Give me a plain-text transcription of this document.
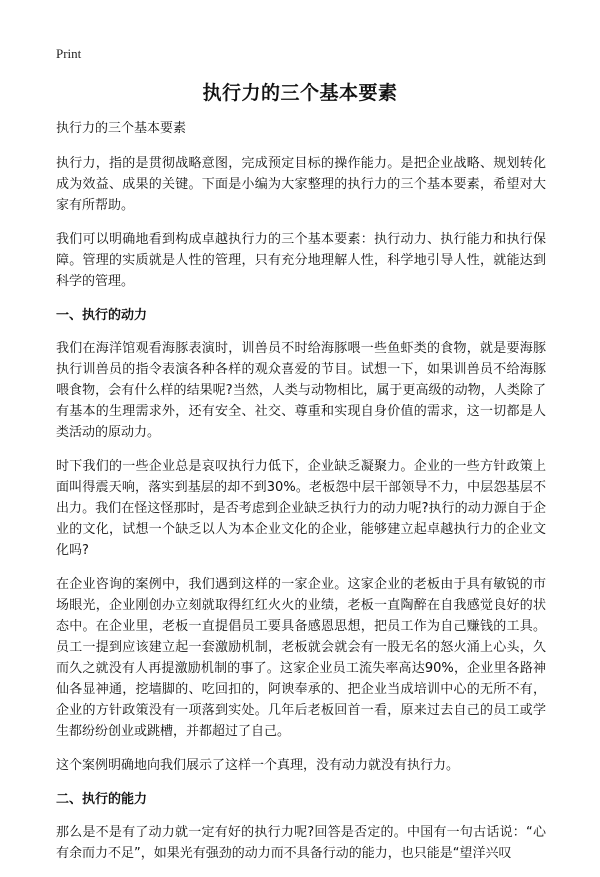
Print
执行力的三个基本要素
执行力的三个基本要素

执行力，指的是贯彻战略意图，完成预定目标的操作能力。是把企业战略、规划转化成为效益、成果的关键。下面是小编为大家整理的执行力的三个基本要素，希望对大家有所帮助。

我们可以明确地看到构成卓越执行力的三个基本要素：执行动力、执行能力和执行保障。管理的实质就是人性的管理，只有充分地理解人性，科学地引导人性，就能达到科学的管理。

一、执行的动力

我们在海洋馆观看海豚表演时，训兽员不时给海豚喂一些鱼虾类的食物，就是要海豚执行训兽员的指令表演各种各样的观众喜爱的节目。试想一下，如果训兽员不给海豚喂食物，会有什么样的结果呢?当然，人类与动物相比，属于更高级的动物，人类除了有基本的生理需求外，还有安全、社交、尊重和实现自身价值的需求，这一切都是人类活动的原动力。

时下我们的一些企业总是哀叹执行力低下，企业缺乏凝聚力。企业的一些方针政策上面叫得震天响，落实到基层的却不到30%。老板怨中层干部领导不力，中层怨基层不出力。我们在怪这怪那时，是否考虑到企业缺乏执行力的动力呢?执行的动力源自于企业的文化，试想一个缺乏以人为本企业文化的企业，能够建立起卓越执行力的企业文化吗?

在企业咨询的案例中，我们遇到这样的一家企业。这家企业的老板由于具有敏锐的市场眼光，企业刚创办立刻就取得红红火火的业绩，老板一直陶醉在自我感觉良好的状态中。在企业里，老板一直提倡员工要具备感恩思想，把员工作为自己赚钱的工具。员工一提到应该建立起一套激励机制，老板就会就会有一股无名的怒火涌上心头，久而久之就没有人再提激励机制的事了。这家企业员工流失率高达90%，企业里各路神仙各显神通，挖墙脚的、吃回扣的，阿谀奉承的、把企业当成培训中心的无所不有，企业的方针政策没有一项落到实处。几年后老板回首一看，原来过去自己的员工或学生都纷纷创业或跳槽，并都超过了自己。

这个案例明确地向我们展示了这样一个真理，没有动力就没有执行力。

二、执行的能力

那么是不是有了动力就一定有好的执行力呢?回答是否定的。中国有一句古话说：“心有余而力不足”，如果光有强劲的动力而不具备行动的能力，也只能是“望洋兴叹
